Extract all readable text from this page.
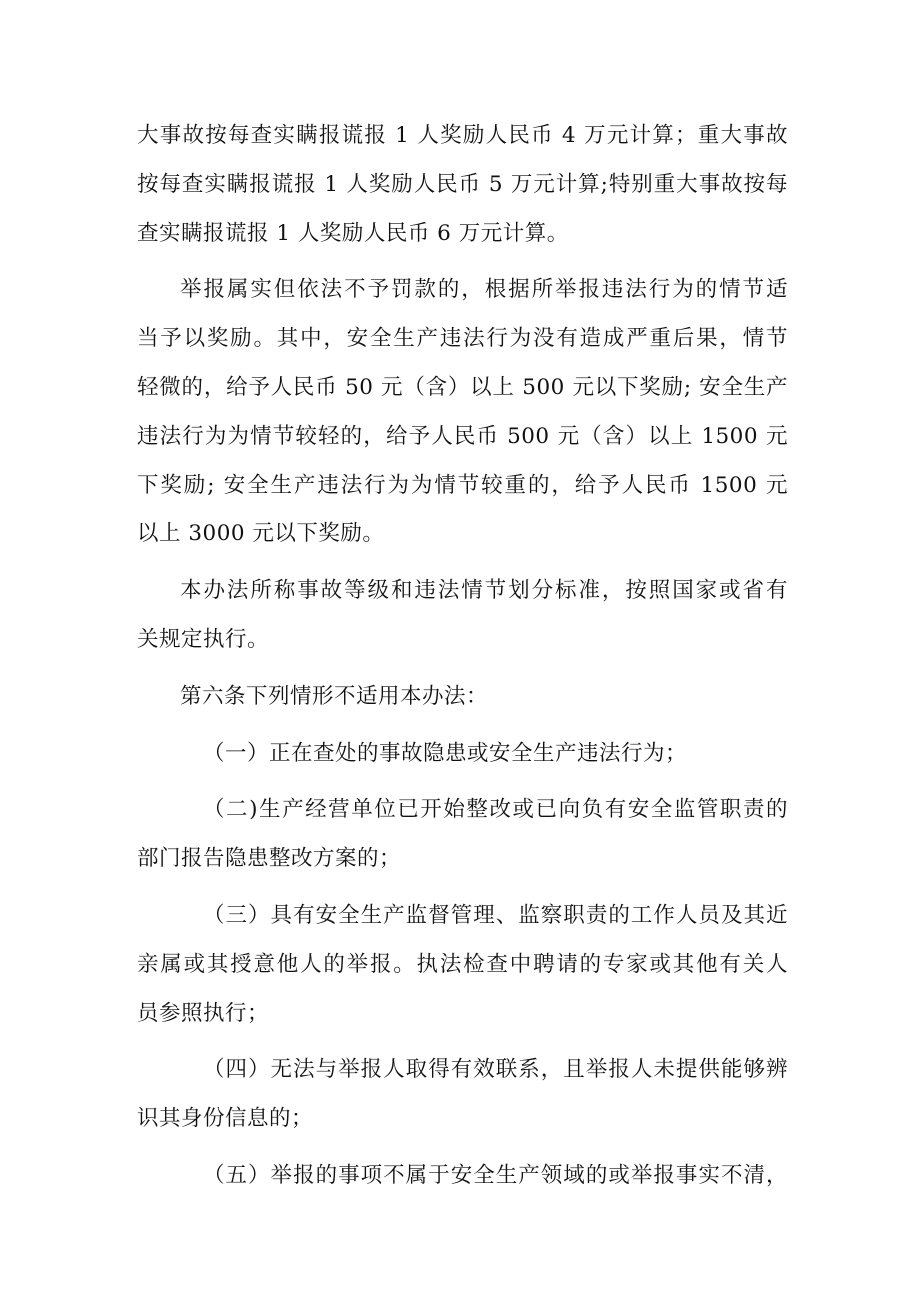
大事故按每查实瞒报谎报 1 人奖励人民币 4 万元计算；重大事故
按每查实瞒报谎报 1 人奖励人民币 5 万元计算;特别重大事故按每
查实瞒报谎报 1 人奖励人民币 6 万元计算。
举报属实但依法不予罚款的，根据所举报违法行为的情节适
当予以奖励。其中，安全生产违法行为没有造成严重后果，情节
轻微的，给予人民币 50 元（含）以上 500 元以下奖励; 安全生产
违法行为为情节较轻的，给予人民币 500 元（含）以上 1500 元
下奖励; 安全生产违法行为为情节较重的，给予人民币 1500 元
以上 3000 元以下奖励。
本办法所称事故等级和违法情节划分标准，按照国家或省有
关规定执行。
第六条下列情形不适用本办法：
（一）正在查处的事故隐患或安全生产违法行为；
（二)生产经营单位已开始整改或已向负有安全监管职责的
部门报告隐患整改方案的；
（三）具有安全生产监督管理、监察职责的工作人员及其近
亲属或其授意他人的举报。执法检查中聘请的专家或其他有关人
员参照执行；
（四）无法与举报人取得有效联系，且举报人未提供能够辨
识其身份信息的；
（五）举报的事项不属于安全生产领域的或举报事实不清，
